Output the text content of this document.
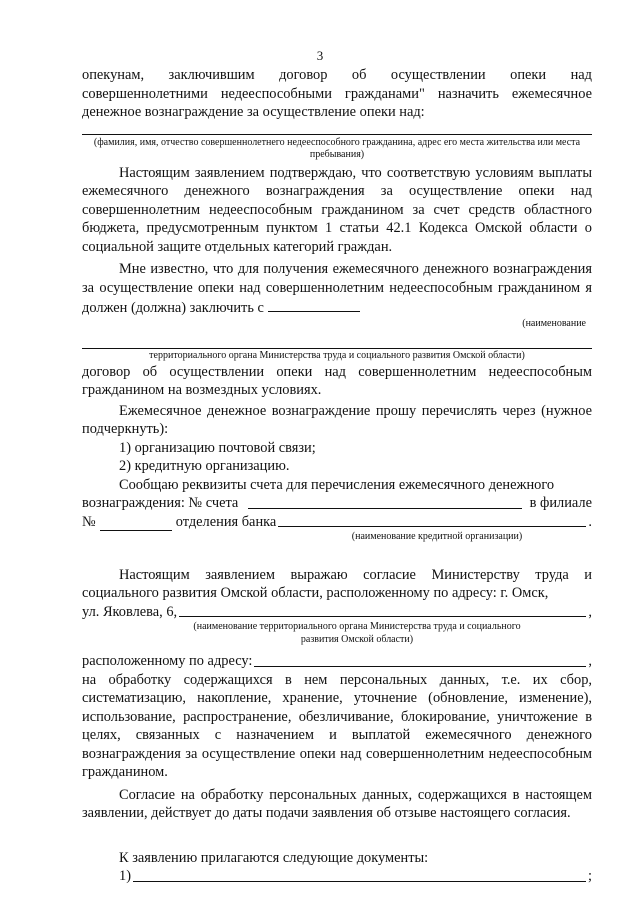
3

опекунам, заключившим договор об осуществлении опеки над совершеннолетними недееспособными гражданами" назначить ежемесячное денежное вознаграждение за осуществление опеки над:

(фамилия, имя, отчество совершеннолетнего недееспособного гражданина, адрес его места жительства или места пребывания)

Настоящим заявлением подтверждаю, что соответствую условиям выплаты ежемесячного денежного вознаграждения за осуществление опеки над совершеннолетним недееспособным гражданином за счет средств областного бюджета, предусмотренным пунктом 1 статьи 42.1 Кодекса Омской области о социальной защите отдельных категорий граждан.

Мне известно, что для получения ежемесячного денежного вознаграждения за осуществление опеки над совершеннолетним недееспособным гражданином я должен (должна) заключить с

(наименование

территориального органа Министерства труда и социального развития Омской области)

договор об осуществлении опеки над совершеннолетним недееспособным гражданином на возмездных условиях.

Ежемесячное денежное вознаграждение прошу перечислять через (нужное подчеркнуть):

1) организацию почтовой связи;

2) кредитную организацию.

Сообщаю реквизиты счета для перечисления ежемесячного денежного

вознаграждения: № счета	в филиале
№	отделения банка	.

(наименование кредитной организации)

Настоящим заявлением выражаю согласие Министерству труда и социального развития Омской области, расположенному по адресу: г. Омск,

ул. Яковлева, 6,	,

(наименование территориального органа Министерства труда и социального развития Омской области)

расположенному по адресу:	,

на обработку содержащихся в нем персональных данных, т.е. их сбор, систематизацию, накопление, хранение, уточнение (обновление, изменение), использование, распространение, обезличивание, блокирование, уничтожение в целях, связанных с назначением и выплатой ежемесячного денежного вознаграждения за осуществление опеки над совершеннолетним недееспособным гражданином.

Согласие на обработку персональных данных, содержащихся в настоящем заявлении, действует до даты подачи заявления об отзыве настоящего согласия.

К заявлению прилагаются следующие документы:

1)	;
